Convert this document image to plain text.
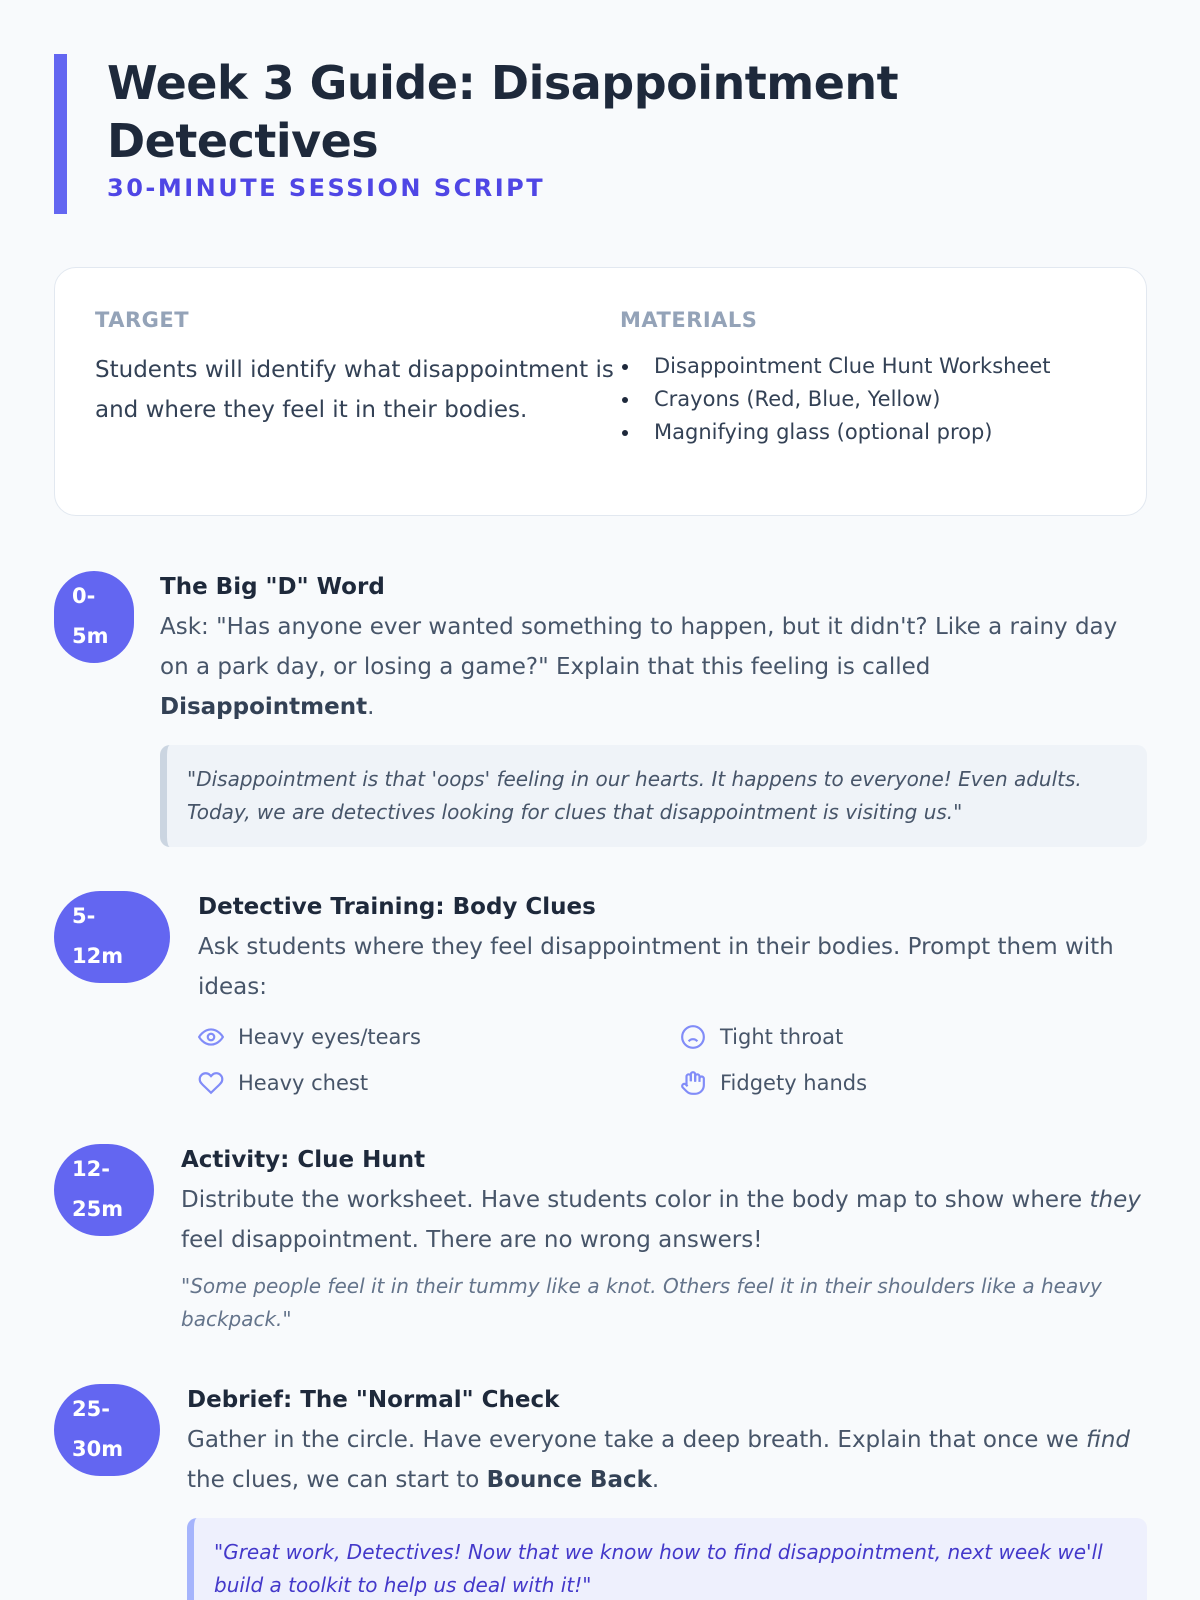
Week 3 Guide: Disappointment Detectives
30-MINUTE SESSION SCRIPT
TARGET

Students will identify what disappointment is and where they feel it in their bodies.

MATERIALS
Disappointment Clue Hunt Worksheet
Crayons (Red, Blue, Yellow)
Magnifying glass (optional prop)
0-
5m
The Big "D" Word

Ask: "Has anyone ever wanted something to happen, but it didn't? Like a rainy day on a park day, or losing a game?" Explain that this feeling is called Disappointment.

"Disappointment is that 'oops' feeling in our hearts. It happens to everyone! Even adults. Today, we are detectives looking for clues that disappointment is visiting us."
5-
12m
Detective Training: Body Clues

Ask students where they feel disappointment in their bodies. Prompt them with ideas:

Heavy eyes/tears	Tight throat
Heavy chest	Fidgety hands
12-
25m
Activity: Clue Hunt

Distribute the worksheet. Have students color in the body map to show where they feel disappointment. There are no wrong answers!

"Some people feel it in their tummy like a knot. Others feel it in their shoulders like a heavy backpack."
25-
30m
Debrief: The "Normal" Check

Gather in the circle. Have everyone take a deep breath. Explain that once we find the clues, we can start to Bounce Back.

"Great work, Detectives! Now that we know how to find disappointment, next week we'll build a toolkit to help us deal with it!"
